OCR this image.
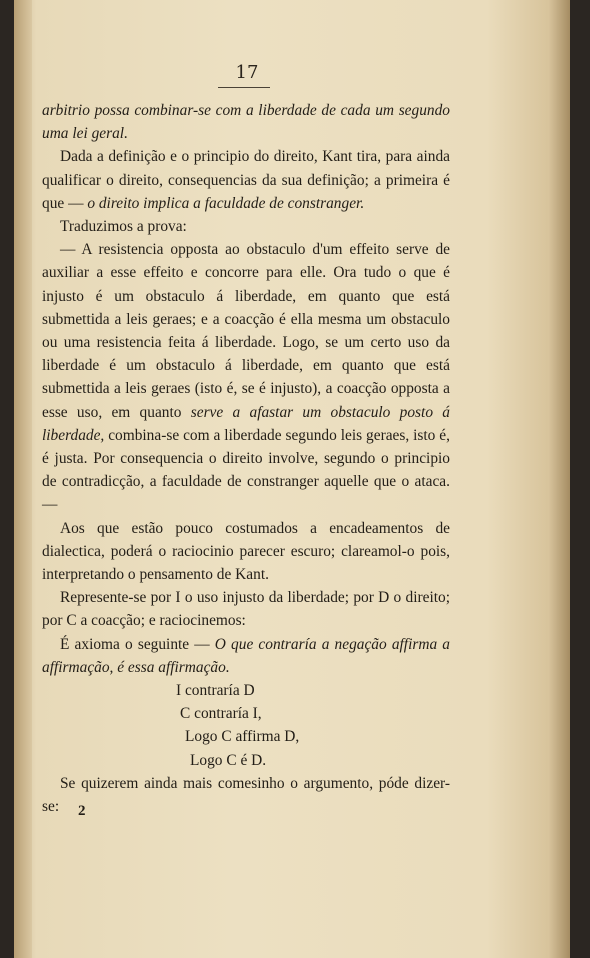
17

arbitrio possa combinar-se com a liberdade de cada um segundo uma lei geral.

Dada a definição e o principio do direito, Kant tira, para ainda qualificar o direito, consequencias da sua definição; a primeira é que — o direito implica a faculdade de constranger.

Traduzimos a prova:

— A resistencia opposta ao obstaculo d'um effeito serve de auxiliar a esse effeito e concorre para elle. Ora tudo o que é injusto é um obstaculo á liberdade, em quanto que está submettida a leis geraes; e a coacção é ella mesma um obstaculo ou uma resistencia feita á liberdade. Logo, se um certo uso da liberdade é um obstaculo á liberdade, em quanto que está submettida a leis geraes (isto é, se é injusto), a coacção opposta a esse uso, em quanto serve a afastar um obstaculo posto á liberdade, combina-se com a liberdade segundo leis geraes, isto é, é justa. Por consequencia o direito involve, segundo o principio de contradicção, a faculdade de constranger aquelle que o ataca. —

Aos que estão pouco costumados a encadeamentos de dialectica, poderá o raciocinio parecer escuro; clareamol-o pois, interpretando o pensamento de Kant.

Represente-se por I o uso injusto da liberdade; por D o direito; por C a coacção; e raciocinemos:

É axioma o seguinte — O que contraría a negação affirma a affirmação, é essa affirmação.

I contraría D
C contraría I,
Logo C affirma D,
Logo C é D.

Se quizerem ainda mais comesinho o argumento, póde dizer-se:	2
